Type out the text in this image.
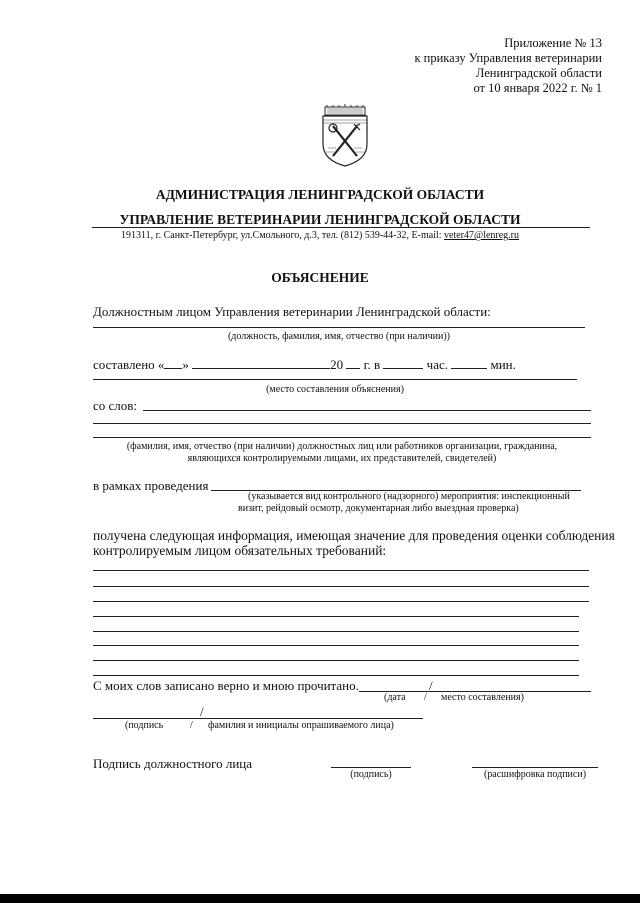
Приложение № 13
к приказу Управления ветеринарии
Ленинградской области
от 10 января 2022 г. № 1
АДМИНИСТРАЦИЯ ЛЕНИНГРАДСКОЙ ОБЛАСТИ
УПРАВЛЕНИЕ ВЕТЕРИНАРИИ ЛЕНИНГРАДСКОЙ ОБЛАСТИ
191311, г. Санкт-Петербург, ул.Смольного, д.3, тел. (812) 539-44-32, E-mail: veter47@lenreg.ru
ОБЪЯСНЕНИЕ
Должностным лицом Управления ветеринарии Ленинградской области:
(должность, фамилия, имя, отчество (при наличии))
составлено « »	20 г. в	час.	мин.
(место составления объяснения)
со слов:
(фамилия, имя, отчество (при наличии) должностных лиц или работников организации, гражданина,
являющихся контролируемыми лицами, их представителей, свидетелей)
в рамках проведения
(указывается вид контрольного (надзорного) мероприятия: инспекционный
визит, рейдовый осмотр, документарная либо выездная проверка)
получена следующая информация, имеющая значение для проведения оценки соблюдения
контролируемым лицом обязательных требований:
С моих слов записано верно и мною прочитано.	/
(дата / место составления)
/
(подпись	/ фамилия и инициалы опрашиваемого лица)
Подпись должностного лица
(подпись)	(расшифровка подписи)
